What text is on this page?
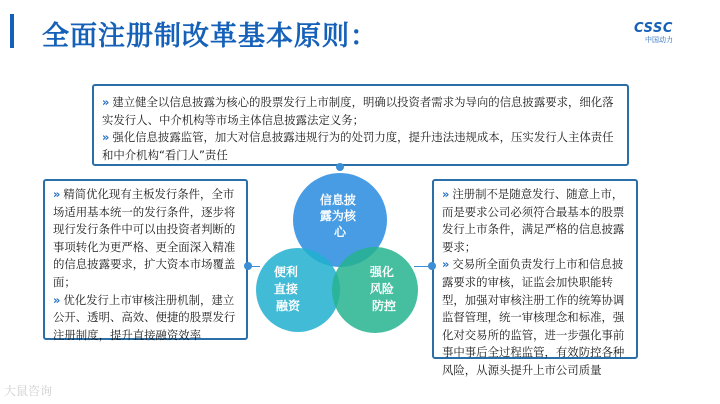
全面注册制改革基本原则：	CSSC
中国动力

» 建立健全以信息披露为核心的股票发行上市制度，明确以投资者需求为导向的信息披露要求，细化落实发行人、中介机构等市场主体信息披露法定义务；

» 强化信息披露监管，加大对信息披露违规行为的处罚力度，提升违法违规成本，压实发行人主体责任和中介机构“看门人”责任

» 精简优化现有主板发行条件，全市场适用基本统一的发行条件，逐步将现行发行条件中可以由投资者判断的事项转化为更严格、更全面深入精准的信息披露要求，扩大资本市场覆盖面；

» 优化发行上市审核注册机制，建立公开、透明、高效、便捷的股票发行注册制度，提升直接融资效率

» 注册制不是随意发行、随意上市，而是要求公司必须符合最基本的股票发行上市条件，满足严格的信息披露要求；

» 交易所全面负责发行上市和信息披露要求的审核，证监会加快职能转型，加强对审核注册工作的统筹协调监督管理，统一审核理念和标准，强化对交易所的监管，进一步强化事前事中事后全过程监管，有效防控各种风险，从源头提升上市公司质量

信息披 露为核 心
便利 直接 融资
强化 风险 防控
大鼠咨询
